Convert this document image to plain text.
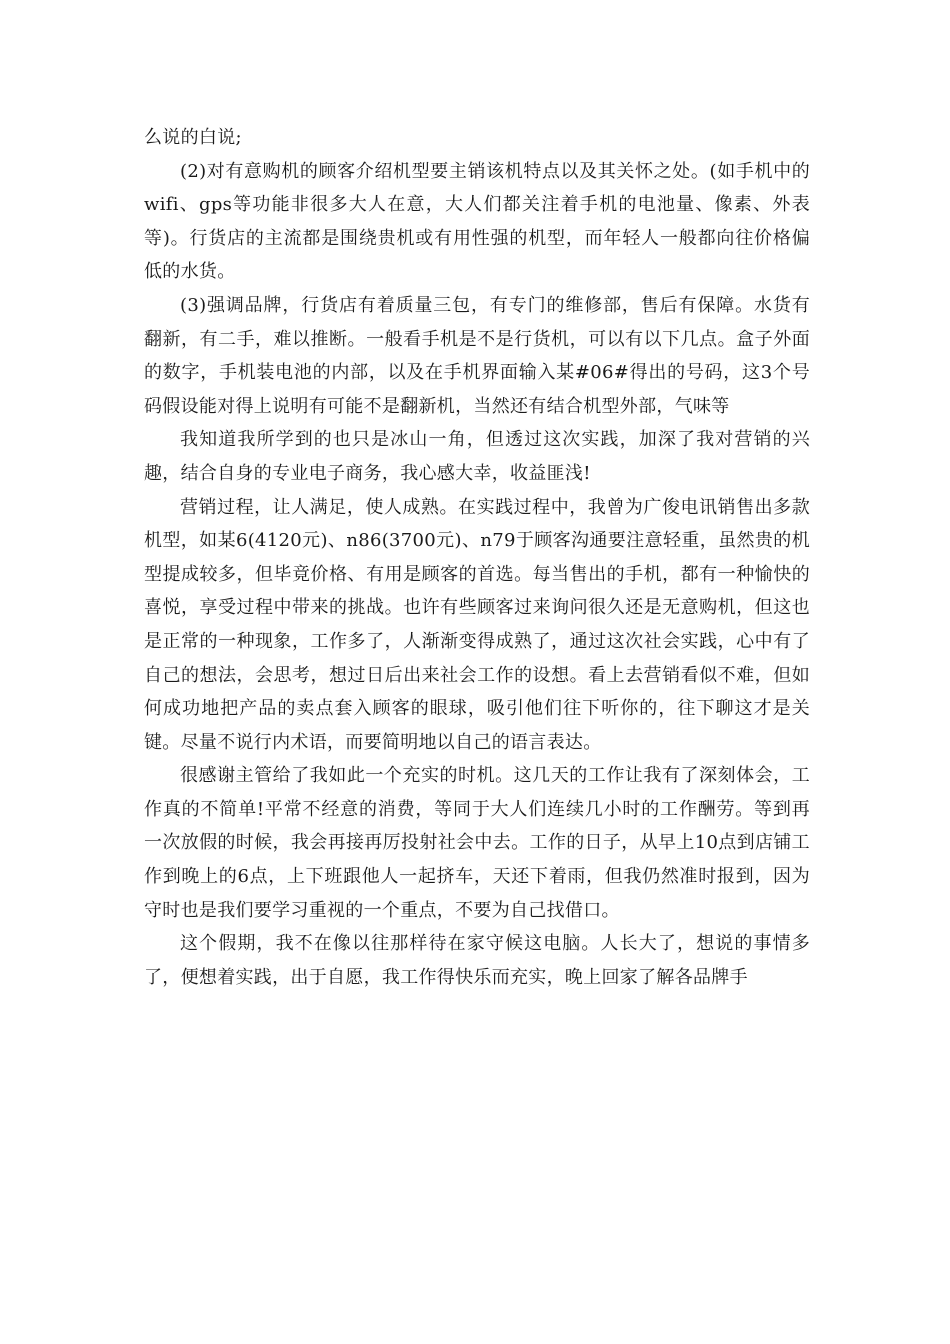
么说的白说;

(2)对有意购机的顾客介绍机型要主销该机特点以及其关怀之处。(如手机中的wifi、gps等功能非很多大人在意，大人们都关注着手机的电池量、像素、外表等)。行货店的主流都是围绕贵机或有用性强的机型，而年轻人一般都向往价格偏低的水货。

(3)强调品牌，行货店有着质量三包，有专门的维修部，售后有保障。水货有翻新，有二手，难以推断。一般看手机是不是行货机，可以有以下几点。盒子外面的数字，手机装电池的内部，以及在手机界面输入某#06#得出的号码，这3个号码假设能对得上说明有可能不是翻新机，当然还有结合机型外部，气味等

我知道我所学到的也只是冰山一角，但透过这次实践，加深了我对营销的兴趣，结合自身的专业电子商务，我心感大幸，收益匪浅!

营销过程，让人满足，使人成熟。在实践过程中，我曾为广俊电讯销售出多款机型，如某6(4120元)、n86(3700元)、n79于顾客沟通要注意轻重，虽然贵的机型提成较多，但毕竟价格、有用是顾客的首选。每当售出的手机，都有一种愉快的喜悦，享受过程中带来的挑战。也许有些顾客过来询问很久还是无意购机，但这也是正常的一种现象，工作多了，人渐渐变得成熟了，通过这次社会实践，心中有了自己的想法，会思考，想过日后出来社会工作的设想。看上去营销看似不难，但如何成功地把产品的卖点套入顾客的眼球，吸引他们往下听你的，往下聊这才是关键。尽量不说行内术语，而要简明地以自己的语言表达。

很感谢主管给了我如此一个充实的时机。这几天的工作让我有了深刻体会，工作真的不简单!平常不经意的消费，等同于大人们连续几小时的工作酬劳。等到再一次放假的时候，我会再接再厉投射社会中去。工作的日子，从早上10点到店铺工作到晚上的6点，上下班跟他人一起挤车，天还下着雨，但我仍然准时报到，因为守时也是我们要学习重视的一个重点，不要为自己找借口。

这个假期，我不在像以往那样待在家守候这电脑。人长大了，想说的事情多了，便想着实践，出于自愿，我工作得快乐而充实，晚上回家了解各品牌手
